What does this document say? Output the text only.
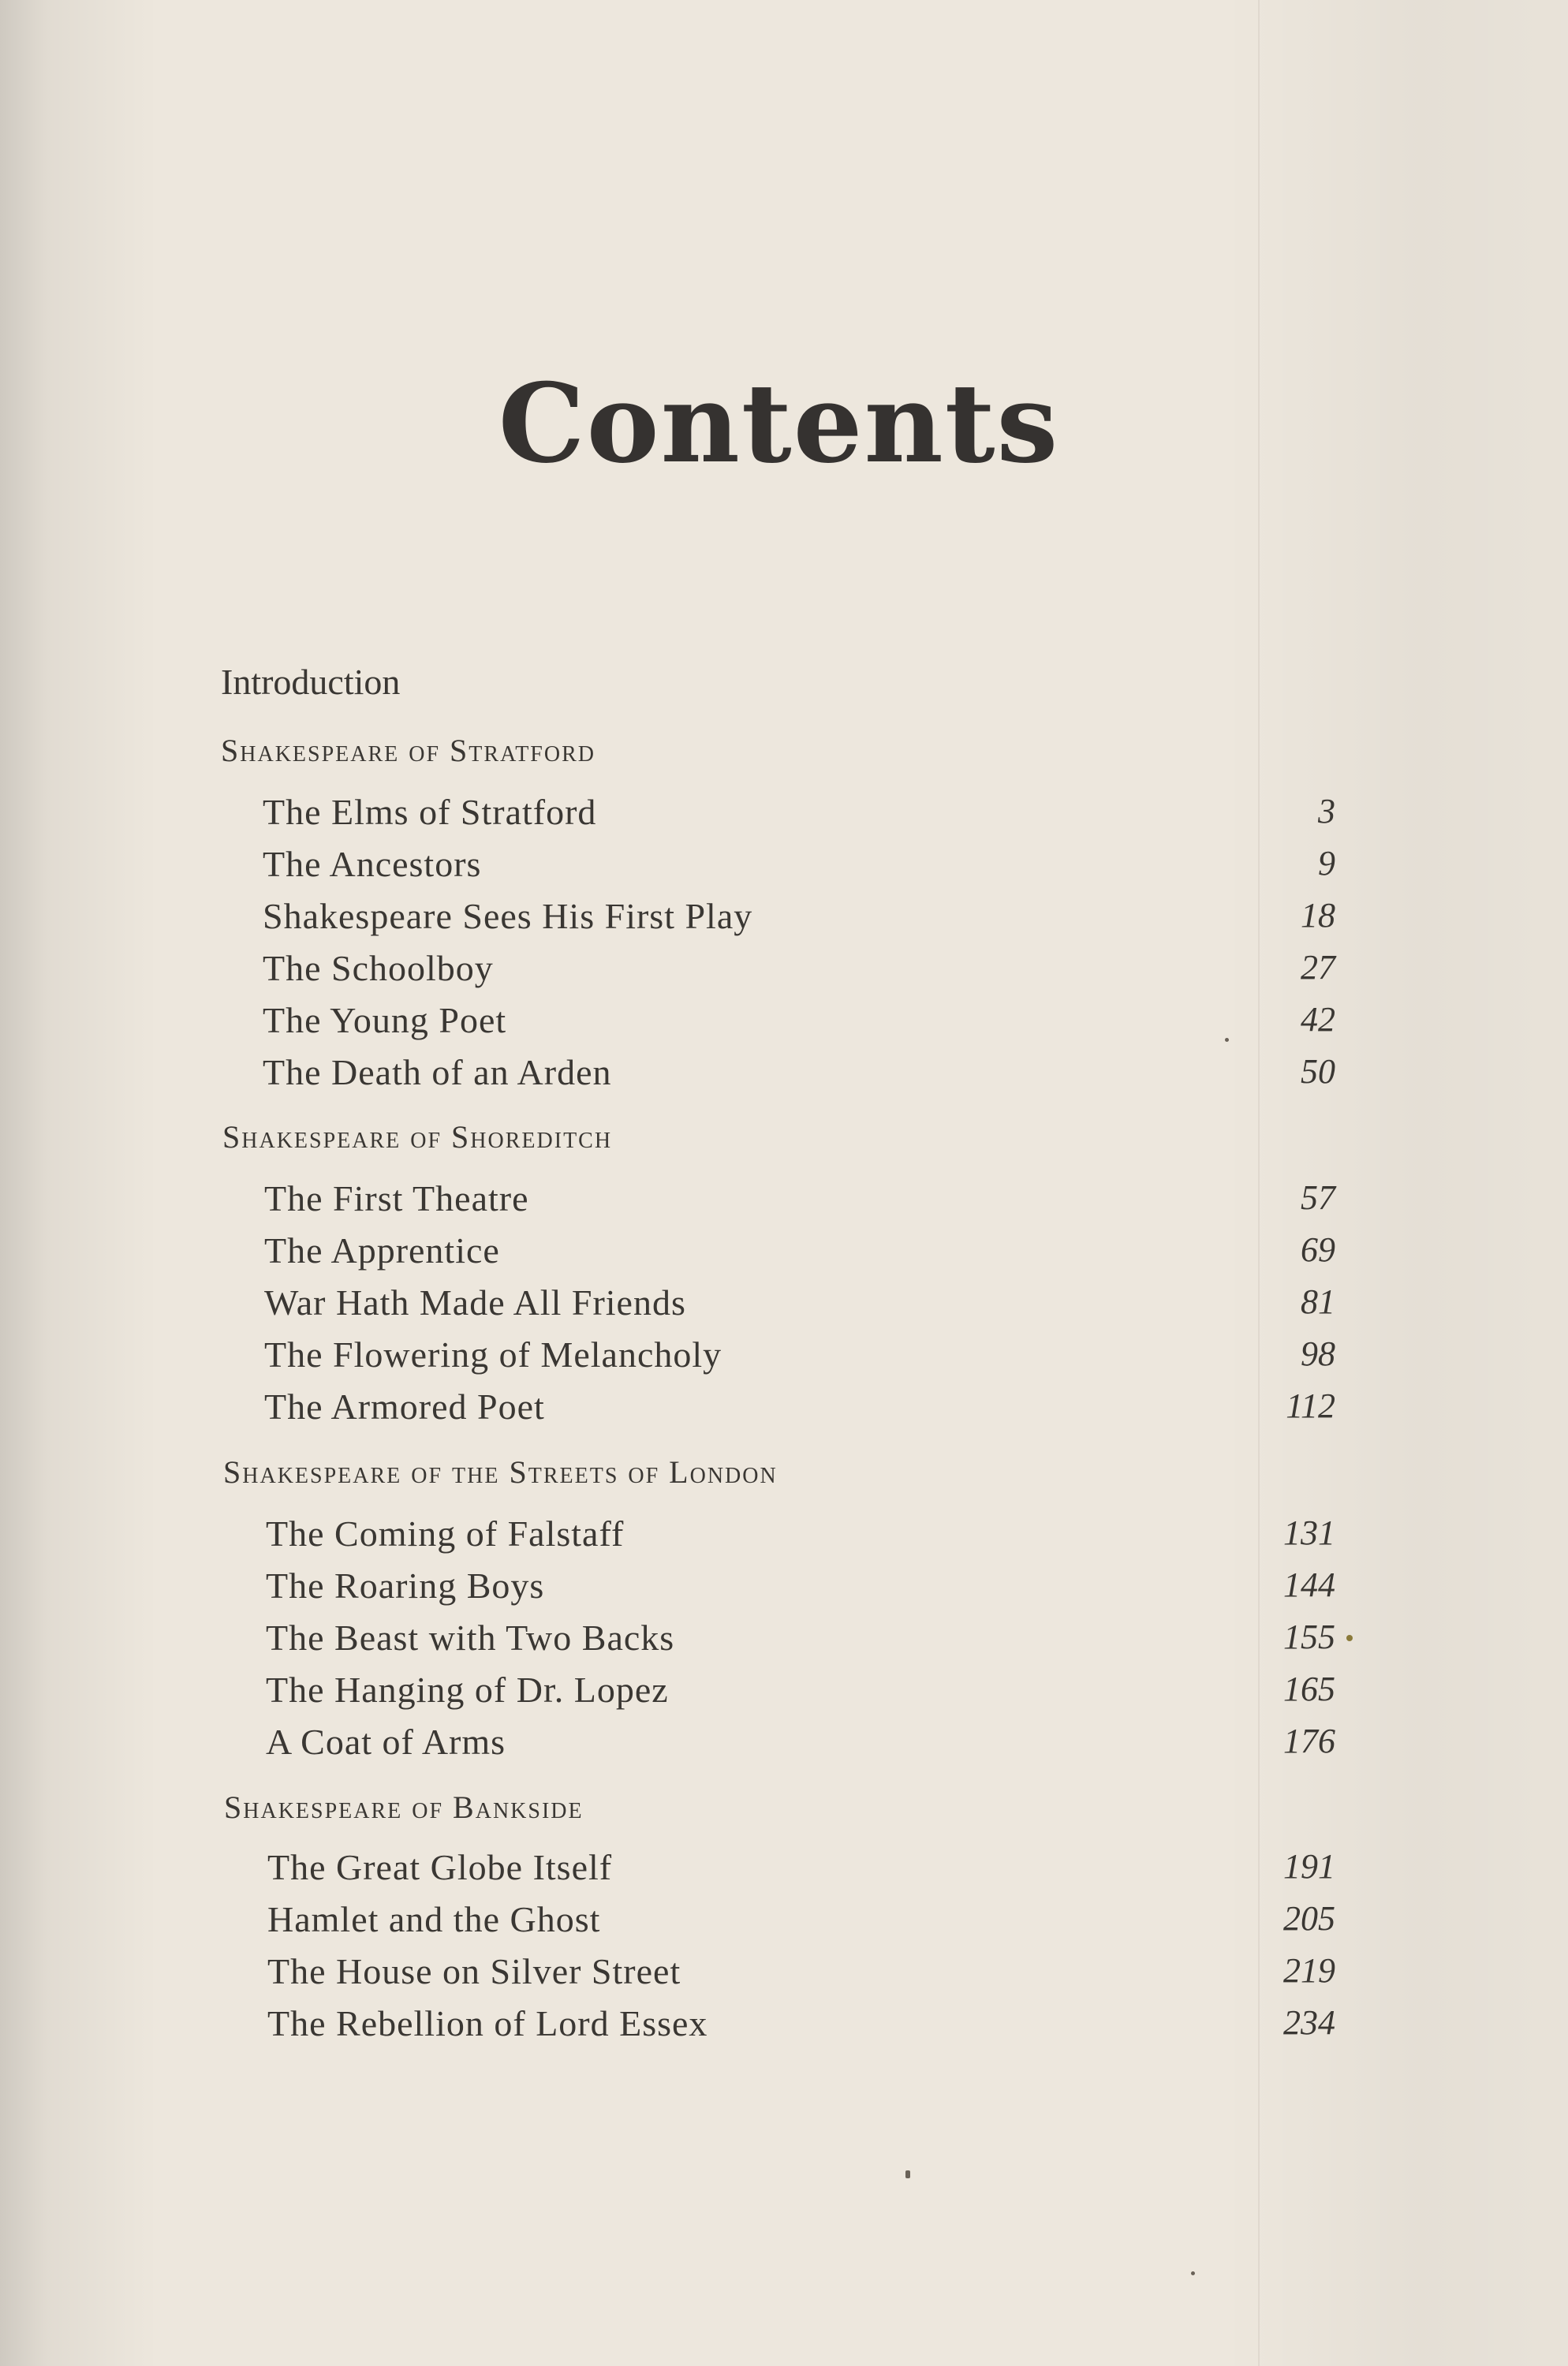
Contents

Introduction

Shakespeare of Stratford

The Elms of Stratford	3

The Ancestors	9

Shakespeare Sees His First Play	18

The Schoolboy	27

The Young Poet	42

The Death of an Arden	50

Shakespeare of Shoreditch

The First Theatre	57

The Apprentice	69

War Hath Made All Friends	81

The Flowering of Melancholy	98

The Armored Poet	112

Shakespeare of the Streets of London

The Coming of Falstaff	131

The Roaring Boys	144

The Beast with Two Backs	155

The Hanging of Dr. Lopez	165

A Coat of Arms	176

Shakespeare of Bankside

The Great Globe Itself	191

Hamlet and the Ghost	205

The House on Silver Street	219

The Rebellion of Lord Essex	234
